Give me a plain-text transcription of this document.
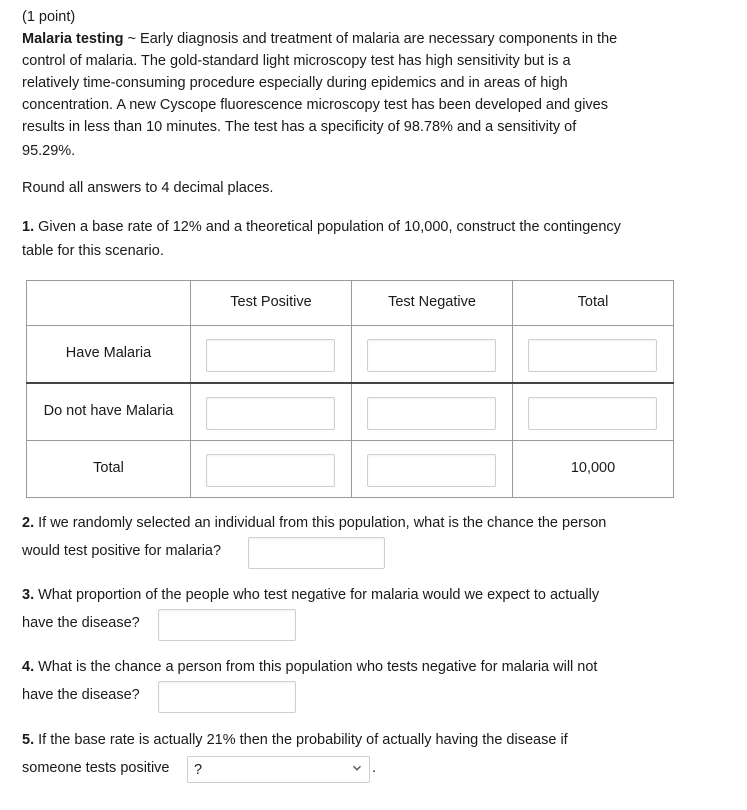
(1 point)
Malaria testing ~ Early diagnosis and treatment of malaria are necessary components in the
control of malaria. The gold-standard light microscopy test has high sensitivity but is a
relatively time-consuming procedure especially during epidemics and in areas of high
concentration. A new Cyscope fluorescence microscopy test has been developed and gives
results in less than 10 minutes. The test has a specificity of 98.78% and a sensitivity of
95.29%.
Round all answers to 4 decimal places.
1. Given a base rate of 12% and a theoretical population of 10,000, construct the contingency
table for this scenario.

	Test Positive	Test Negative	Total

Have Malaria			

Do not have Malaria			

Total			10,000
2. If we randomly selected an individual from this population, what is the chance the person
would test positive for malaria?
3. What proportion of the people who test negative for malaria would we expect to actually
have the disease?
4. What is the chance a person from this population who tests negative for malaria will not
have the disease?
5. If the base rate is actually 21% then the probability of actually having the disease if
someone tests positive
?	.
